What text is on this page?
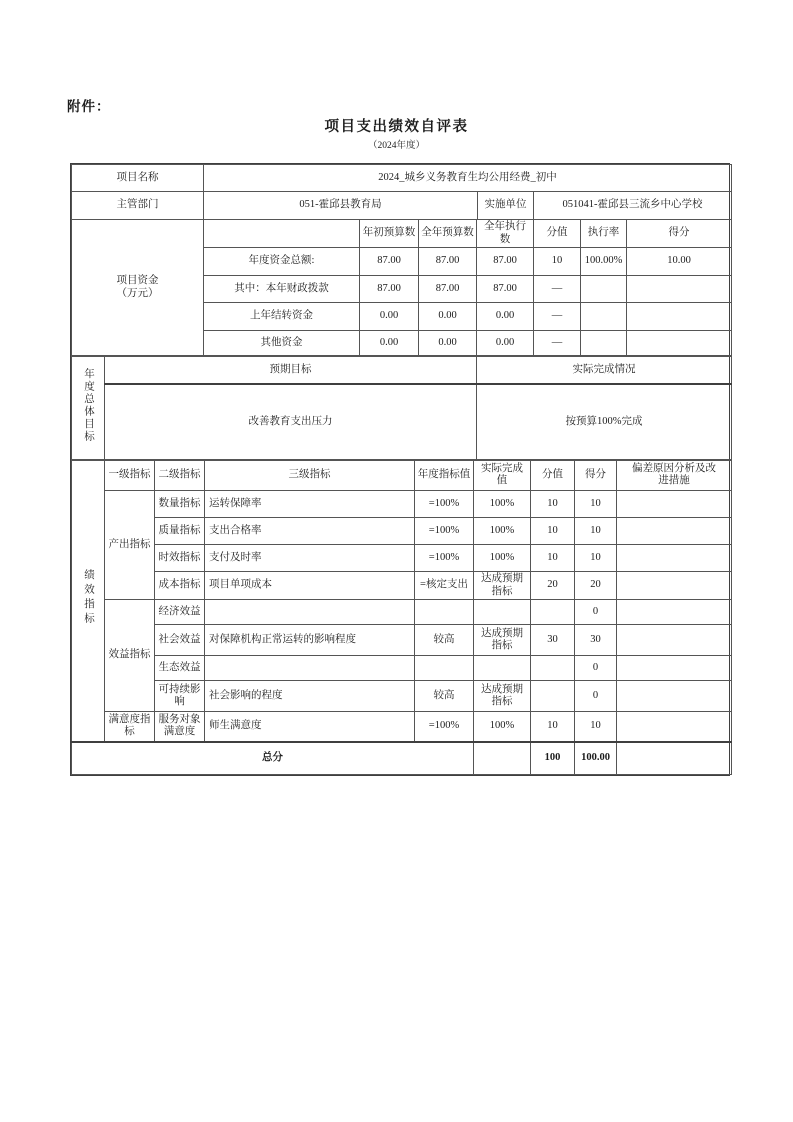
附件：
项目支出绩效自评表
（2024年度）
项目名称	2024_城乡义务教育生均公用经费_初中		
主管部门	051-霍邱县教育局	实施单位	051041-霍邱县三流乡中心学校
项目资金
（万元）		年初预算数	全年预算数	全年执行数	分值	执行率	得分
	年度资金总额:	87.00	87.00	87.00	10	100.00%	10.00
	其中：本年财政拨款	87.00	87.00	87.00	—		
	上年结转资金	0.00	0.00	0.00	—		
	其他资金	0.00	0.00	0.00	—		
年度总体目标	预期目标	实际完成情况
	改善教育支出压力	按预算100%完成
绩效指标	一级指标	二级指标	三级指标	年度指标值	实际完成值	分值	得分	偏差原因分析及改进措施
	产出指标	数量指标	运转保障率	=100%	100%	10	10	
		质量指标	支出合格率	=100%	100%	10	10	
		时效指标	支付及时率	=100%	100%	10	10	
		成本指标	项目单项成本	=核定支出	达成预期指标	20	20	
	效益指标	经济效益					0	
		社会效益	对保障机构正常运转的影响程度	较高	达成预期指标	30	30	
		生态效益					0	
		可持续影响	社会影响的程度	较高	达成预期指标		0	
	满意度指标	服务对象满意度	师生满意度	=100%	100%	10	10	
总分						100	100.00	
